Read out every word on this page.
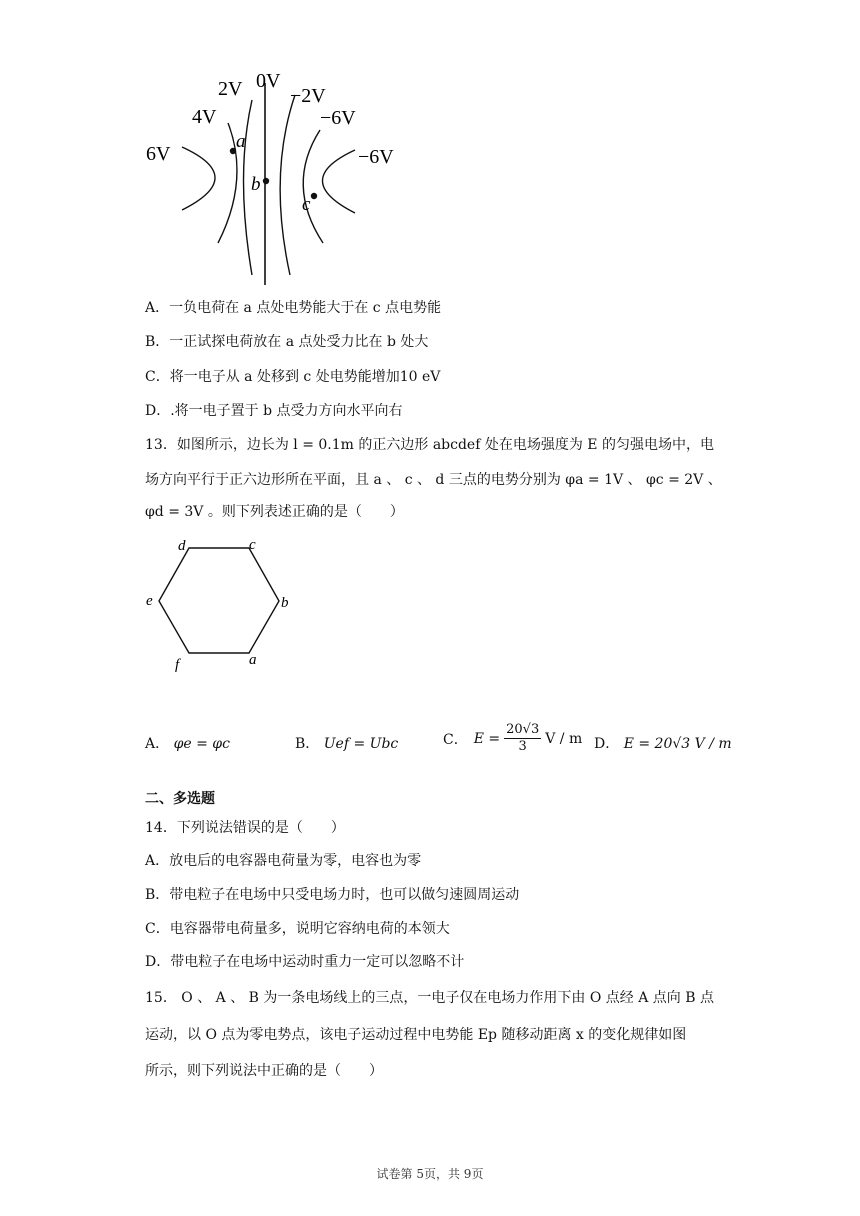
6V
4V
2V 0V
−2V
−6V
−6V
a
b
c
A．一负电荷在 a 点处电势能大于在 c 点电势能
B．一正试探电荷放在 a 点处受力比在 b 处大
C．将一电子从 a 处移到 c 处电势能增加10 eV
D．.将一电子置于 b 点受力方向水平向右
13．如图所示，边长为 l = 0.1m 的正六边形 abcdef 处在电场强度为 E 的匀强电场中，电
场方向平行于正六边形所在平面，且 a 、 c 、 d 三点的电势分别为 φa = 1V 、 φc = 2V 、
φd = 3V 。则下列表述正确的是（　　）
d	c
e	b
f	a
A． φe = φc	B． Uef = Ubc	C． $E = \frac{20√3}{3}$ V / m D． E = 20√3 V / m
二、多选题
14．下列说法错误的是（　　）
A．放电后的电容器电荷量为零，电容也为零
B．带电粒子在电场中只受电场力时，也可以做匀速圆周运动
C．电容器带电荷量多，说明它容纳电荷的本领大
D．带电粒子在电场中运动时重力一定可以忽略不计
15． O 、 A 、 B 为一条电场线上的三点，一电子仅在电场力作用下由 O 点经 A 点向 B 点
运动，以 O 点为零电势点，该电子运动过程中电势能 Ep 随移动距离 x 的变化规律如图
所示，则下列说法中正确的是（　　）
试卷第 5页，共 9页
